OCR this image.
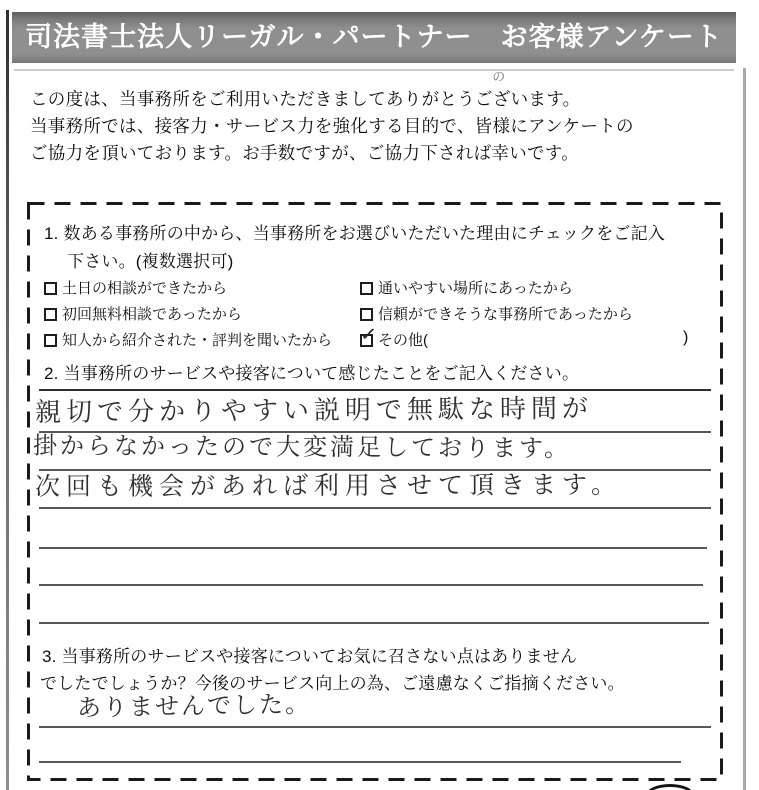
司法書士法人リーガル・パートナー　お客様アンケート
の
この度は、当事務所をご利用いただきましてありがとうございます。
当事務所では、接客力・サービス力を強化する目的で、皆様にアンケートの
ご協力を頂いております。お手数ですが、ご協力下されば幸いです。
1. 数ある事務所の中から、当事務所をお選びいただいた理由にチェックをご記入
下さい。(複数選択可)
土日の相談ができたから	通いやすい場所にあったから
初回無料相談であったから	信頼ができそうな事務所であったから
知人から紹介された・評判を聞いたから ✓ その他(	)
2. 当事務所のサービスや接客について感じたことをご記入ください。
親切で分かりやすい説明で無駄な時間が
掛からなかったので大変満足しております。
次回も機会があれば利用させて頂きます。
3. 当事務所のサービスや接客についてお気に召さない点はありません
でしたでしょうか？今後のサービス向上の為、ご遠慮なくご指摘ください。
ありませんでした。
